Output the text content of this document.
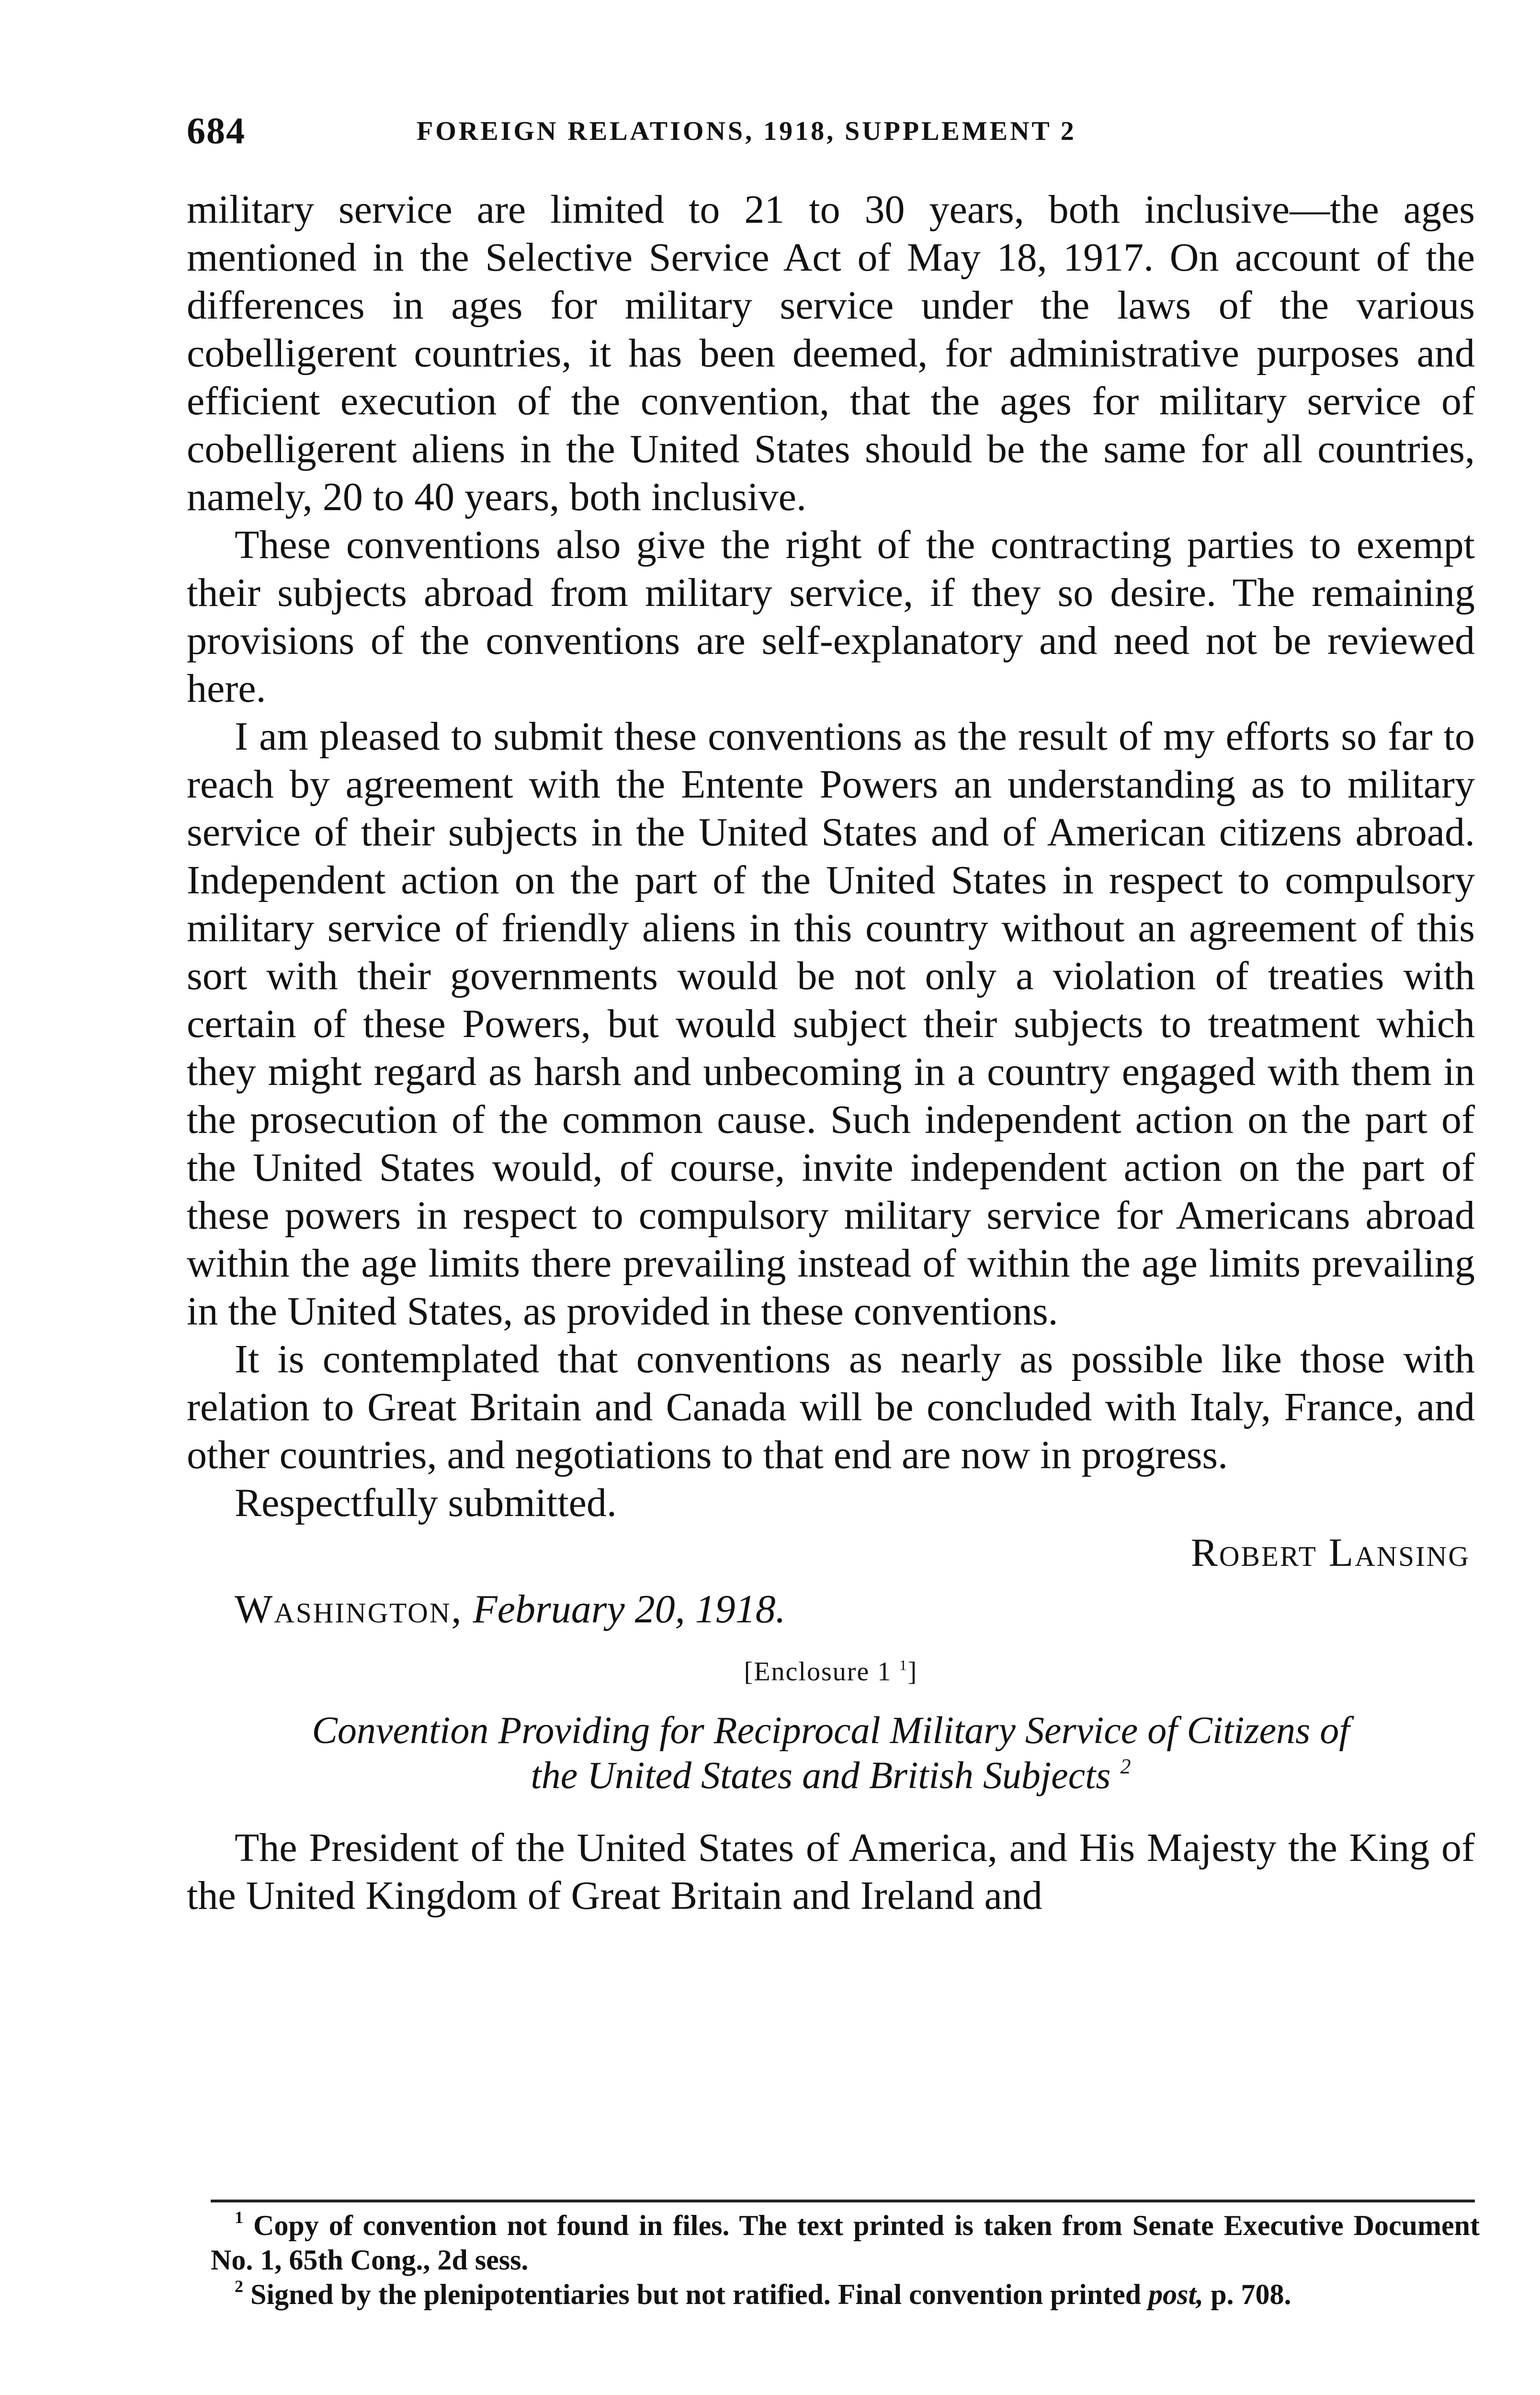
684	FOREIGN RELATIONS, 1918, SUPPLEMENT 2

military service are limited to 21 to 30 years, both inclusive—the ages mentioned in the Selective Service Act of May 18, 1917. On account of the differences in ages for military service under the laws of the various cobelligerent countries, it has been deemed, for administrative purposes and efficient execution of the convention, that the ages for military service of cobelligerent aliens in the United States should be the same for all countries, namely, 20 to 40 years, both inclusive.

These conventions also give the right of the contracting parties to exempt their subjects abroad from military service, if they so desire. The remaining provisions of the conventions are self-explanatory and need not be reviewed here.

I am pleased to submit these conventions as the result of my efforts so far to reach by agreement with the Entente Powers an understanding as to military service of their subjects in the United States and of American citizens abroad. Independent action on the part of the United States in respect to compulsory military service of friendly aliens in this country without an agreement of this sort with their governments would be not only a violation of treaties with certain of these Powers, but would subject their subjects to treatment which they might regard as harsh and unbecoming in a country engaged with them in the prosecution of the common cause. Such independent action on the part of the United States would, of course, invite independent action on the part of these powers in respect to compulsory military service for Americans abroad within the age limits there prevailing instead of within the age limits prevailing in the United States, as provided in these conventions.

It is contemplated that conventions as nearly as possible like those with relation to Great Britain and Canada will be concluded with Italy, France, and other countries, and negotiations to that end are now in progress.

Respectfully submitted.

Robert Lansing

Washington, February 20, 1918.

[Enclosure 1 $^1$]

Convention Providing for Reciprocal Military Service of Citizens of
the United States and British Subjects $^2$

The President of the United States of America, and His Majesty the King of the United Kingdom of Great Britain and Ireland and

$^1$ Copy of convention not found in files. The text printed is taken from Senate Executive Document No. 1, 65th Cong., 2d sess.

$^2$ Signed by the plenipotentiaries but not ratified. Final convention printed post, p. 708.
